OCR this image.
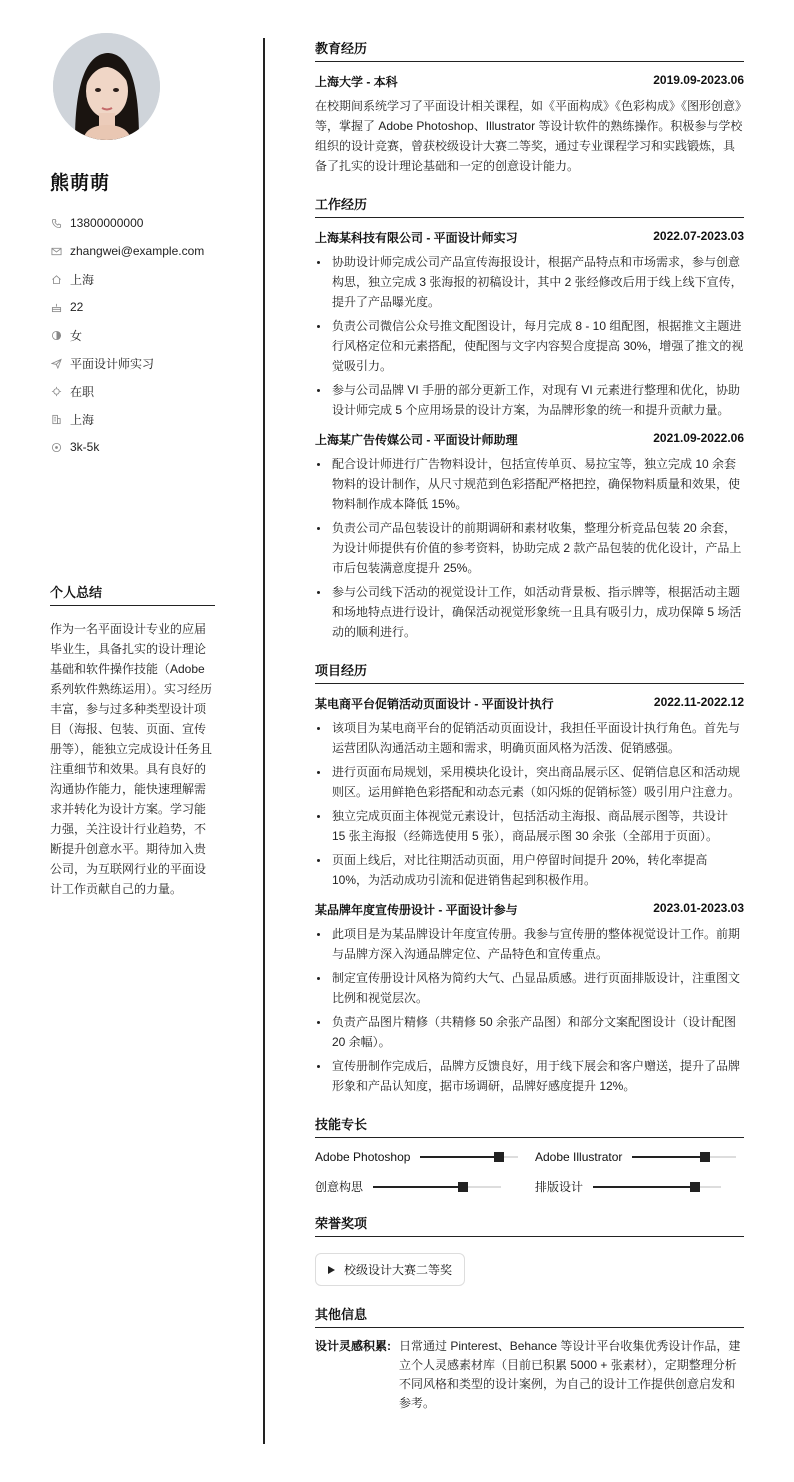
熊萌萌
13800000000
zhangwei@example.com
上海
22
女
平面设计师实习
在职
上海
3k-5k
个人总结
作为一名平面设计专业的应届毕业生，具备扎实的设计理论基础和软件操作技能（Adobe系列软件熟练运用）。实习经历丰富，参与过多种类型设计项目（海报、包装、页面、宣传册等），能独立完成设计任务且注重细节和效果。具有良好的沟通协作能力，能快速理解需求并转化为设计方案。学习能力强，关注设计行业趋势，不断提升创意水平。期待加入贵公司，为互联网行业的平面设计工作贡献自己的力量。
教育经历
上海大学 - 本科	2019.09-2023.06
在校期间系统学习了平面设计相关课程，如《平面构成》《色彩构成》《图形创意》等，掌握了 Adobe Photoshop、Illustrator 等设计软件的熟练操作。积极参与学校组织的设计竞赛，曾获校级设计大赛二等奖，通过专业课程学习和实践锻炼，具备了扎实的设计理论基础和一定的创意设计能力。
工作经历
上海某科技有限公司 - 平面设计师实习	2022.07-2023.03
协助设计师完成公司产品宣传海报设计，根据产品特点和市场需求，参与创意构思，独立完成 3 张海报的初稿设计，其中 2 张经修改后用于线上线下宣传，提升了产品曝光度。
负责公司微信公众号推文配图设计，每月完成 8 - 10 组配图，根据推文主题进行风格定位和元素搭配，使配图与文字内容契合度提高 30%，增强了推文的视觉吸引力。
参与公司品牌 VI 手册的部分更新工作，对现有 VI 元素进行整理和优化，协助设计师完成 5 个应用场景的设计方案，为品牌形象的统一和提升贡献力量。
上海某广告传媒公司 - 平面设计师助理	2021.09-2022.06
配合设计师进行广告物料设计，包括宣传单页、易拉宝等，独立完成 10 余套物料的设计制作，从尺寸规范到色彩搭配严格把控，确保物料质量和效果，使物料制作成本降低 15%。
负责公司产品包装设计的前期调研和素材收集，整理分析竞品包装 20 余套，为设计师提供有价值的参考资料，协助完成 2 款产品包装的优化设计，产品上市后包装满意度提升 25%。
参与公司线下活动的视觉设计工作，如活动背景板、指示牌等，根据活动主题和场地特点进行设计，确保活动视觉形象统一且具有吸引力，成功保障 5 场活动的顺利进行。
项目经历
某电商平台促销活动页面设计 - 平面设计执行	2022.11-2022.12
该项目为某电商平台的促销活动页面设计，我担任平面设计执行角色。首先与运营团队沟通活动主题和需求，明确页面风格为活泼、促销感强。
进行页面布局规划，采用模块化设计，突出商品展示区、促销信息区和活动规则区。运用鲜艳色彩搭配和动态元素（如闪烁的促销标签）吸引用户注意力。
独立完成页面主体视觉元素设计，包括活动主海报、商品展示图等，共设计 15 张主海报（经筛选使用 5 张），商品展示图 30 余张（全部用于页面）。
页面上线后，对比往期活动页面，用户停留时间提升 20%，转化率提高 10%，为活动成功引流和促进销售起到积极作用。
某品牌年度宣传册设计 - 平面设计参与	2023.01-2023.03
此项目是为某品牌设计年度宣传册。我参与宣传册的整体视觉设计工作。前期与品牌方深入沟通品牌定位、产品特色和宣传重点。
制定宣传册设计风格为简约大气、凸显品质感。进行页面排版设计，注重图文比例和视觉层次。
负责产品图片精修（共精修 50 余张产品图）和部分文案配图设计（设计配图 20 余幅）。
宣传册制作完成后，品牌方反馈良好，用于线下展会和客户赠送，提升了品牌形象和产品认知度，据市场调研，品牌好感度提升 12%。
技能专长
Adobe Photoshop	Adobe Illustrator
创意构思	排版设计
荣誉奖项
校级设计大赛二等奖
其他信息
设计灵感积累: 日常通过 Pinterest、Behance 等设计平台收集优秀设计作品，建立个人灵感素材库（目前已积累 5000 + 张素材），定期整理分析不同风格和类型的设计案例，为自己的设计工作提供创意启发和参考。
